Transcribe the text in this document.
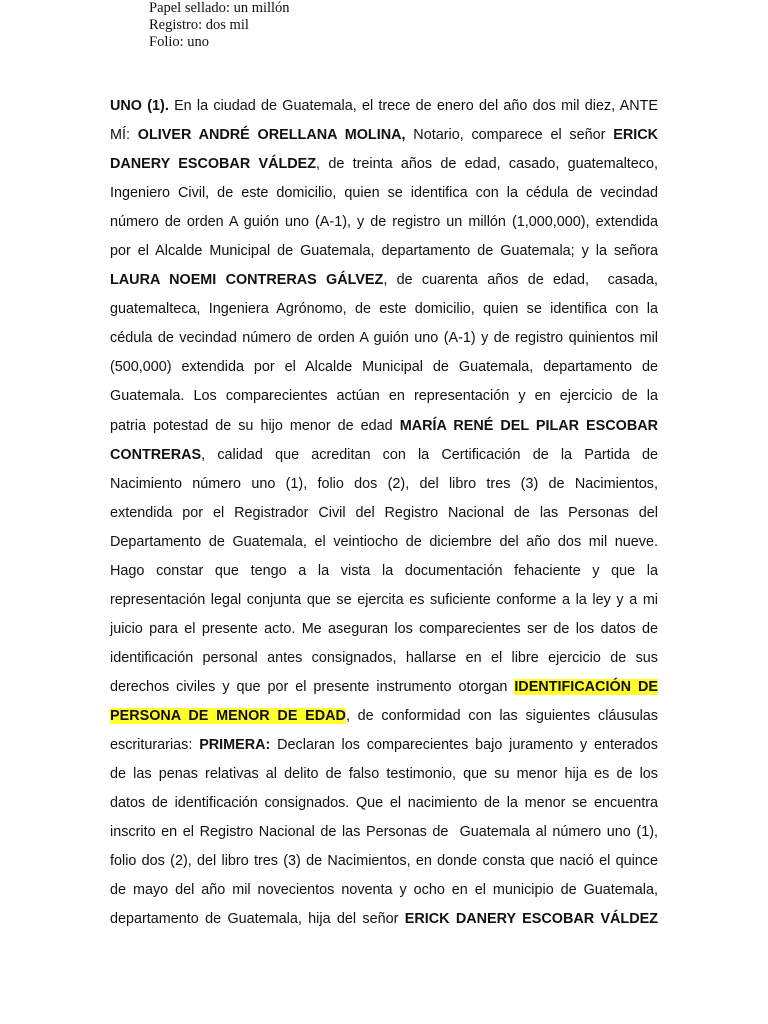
Papel sellado: un millón
Registro: dos mil
Folio: uno
UNO (1). En la ciudad de Guatemala, el trece de enero del año dos mil diez, ANTE
MÍ: OLIVER ANDRÉ ORELLANA MOLINA, Notario, comparece el señor ERICK
DANERY ESCOBAR VÁLDEZ, de treinta años de edad, casado, guatemalteco,
Ingeniero Civil, de este domicilio, quien se identifica con la cédula de vecindad
número de orden A guión uno (A-1), y de registro un millón (1,000,000), extendida
por el Alcalde Municipal de Guatemala, departamento de Guatemala; y la señora
LAURA NOEMI CONTRERAS GÁLVEZ, de cuarenta años de edad,  casada,
guatemalteca, Ingeniera Agrónomo, de este domicilio, quien se identifica con la
cédula de vecindad número de orden A guión uno (A-1) y de registro quinientos mil
(500,000) extendida por el Alcalde Municipal de Guatemala, departamento de
Guatemala. Los comparecientes actúan en representación y en ejercicio de la
patria potestad de su hijo menor de edad MARÍA RENÉ DEL PILAR ESCOBAR
CONTRERAS, calidad que acreditan con la Certificación de la Partida de
Nacimiento número uno (1), folio dos (2), del libro tres (3) de Nacimientos,
extendida por el Registrador Civil del Registro Nacional de las Personas del
Departamento de Guatemala, el veintiocho de diciembre del año dos mil nueve.
Hago constar que tengo a la vista la documentación fehaciente y que la
representación legal conjunta que se ejercita es suficiente conforme a la ley y a mi
juicio para el presente acto. Me aseguran los comparecientes ser de los datos de
identificación personal antes consignados, hallarse en el libre ejercicio de sus
derechos civiles y que por el presente instrumento otorgan IDENTIFICACIÓN DE
PERSONA DE MENOR DE EDAD, de conformidad con las siguientes cláusulas
escriturarias: PRIMERA: Declaran los comparecientes bajo juramento y enterados
de las penas relativas al delito de falso testimonio, que su menor hija es de los
datos de identificación consignados. Que el nacimiento de la menor se encuentra
inscrito en el Registro Nacional de las Personas de  Guatemala al número uno (1),
folio dos (2), del libro tres (3) de Nacimientos, en donde consta que nació el quince
de mayo del año mil novecientos noventa y ocho en el municipio de Guatemala,
departamento de Guatemala, hija del señor ERICK DANERY ESCOBAR VÁLDEZ
